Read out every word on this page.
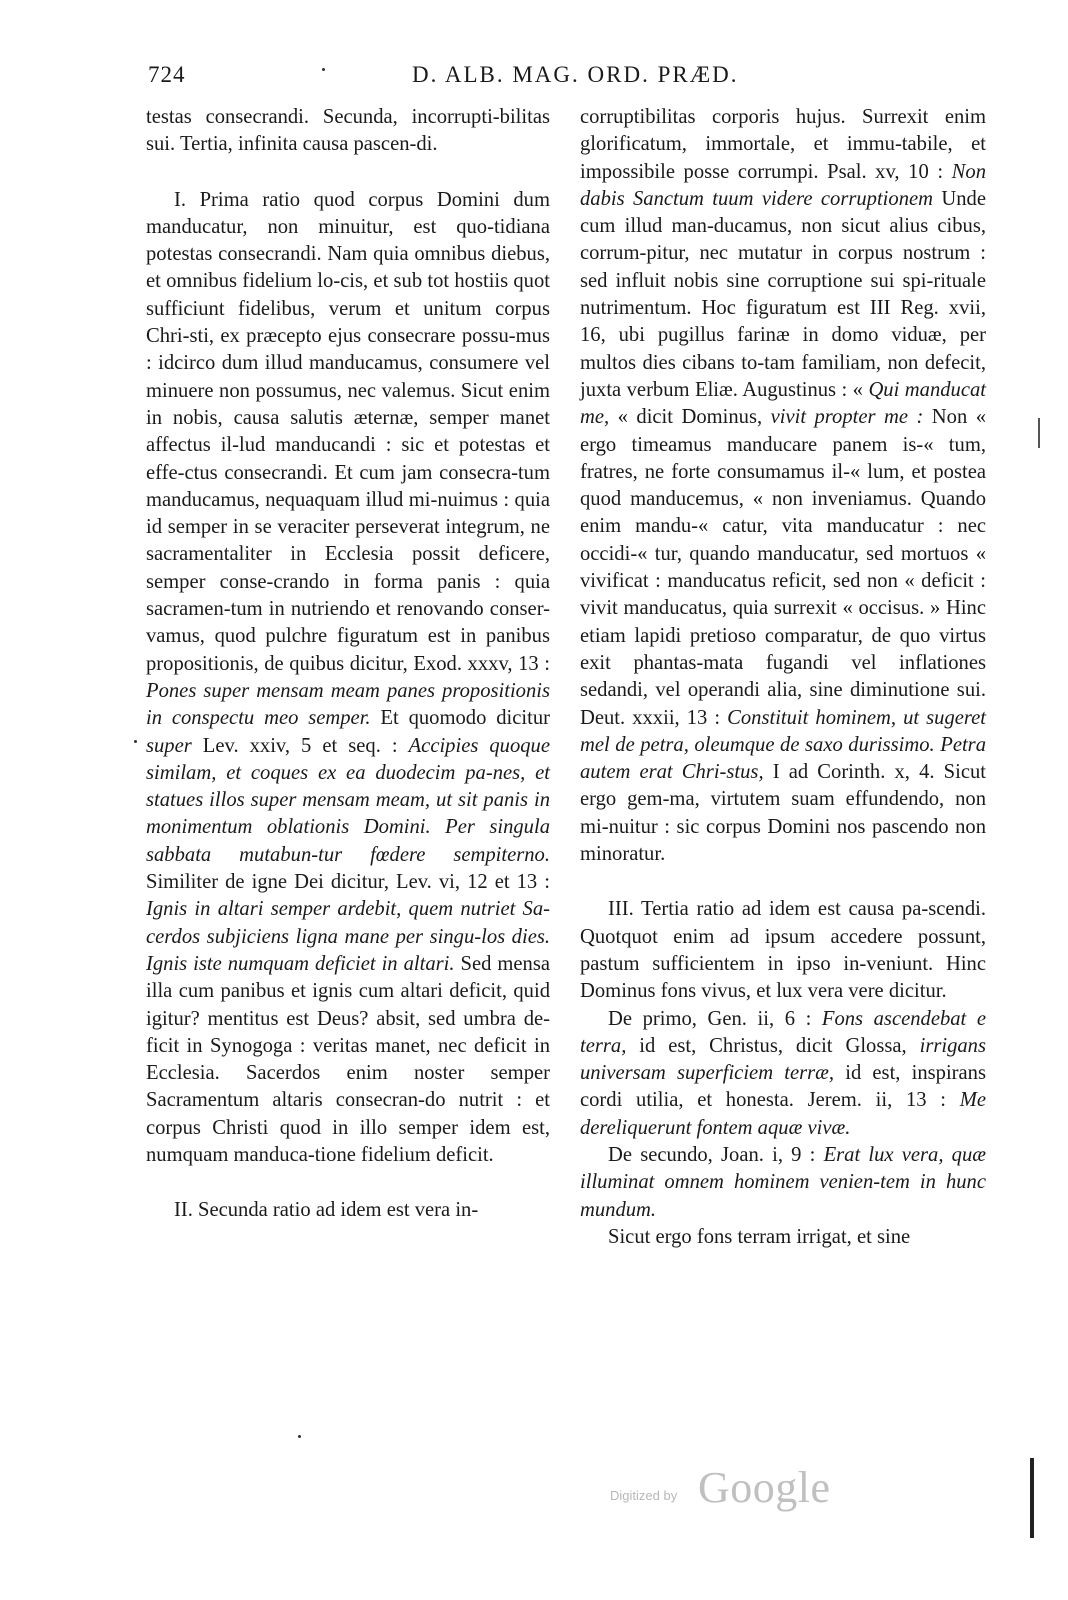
724	D. ALB. MAG. ORD. PRÆD.

testas consecrandi. Secunda, incorrupti-bilitas sui. Tertia, infinita causa pascen-di.

I. Prima ratio quod corpus Domini dum manducatur, non minuitur, est quo-tidiana potestas consecrandi. Nam quia omnibus diebus, et omnibus fidelium lo-cis, et sub tot hostiis quot sufficiunt fidelibus, verum et unitum corpus Chri-sti, ex præcepto ejus consecrare possu-mus : idcirco dum illud manducamus, consumere vel minuere non possumus, nec valemus. Sicut enim in nobis, causa salutis æternæ, semper manet affectus il-lud manducandi : sic et potestas et effe-ctus consecrandi. Et cum jam consecra-tum manducamus, nequaquam illud mi-nuimus : quia id semper in se veraciter perseverat integrum, ne sacramentaliter in Ecclesia possit deficere, semper conse-crando in forma panis : quia sacramen-tum in nutriendo et renovando conser-vamus, quod pulchre figuratum est in panibus propositionis, de quibus dicitur, Exod. xxxv, 13 : Pones super mensam meam panes propositionis in conspectu meo semper. Et quomodo dicitur super Lev. xxiv, 5 et seq. : Accipies quoque similam, et coques ex ea duodecim pa-nes, et statues illos super mensam meam, ut sit panis in monimentum oblationis Domini. Per singula sabbata mutabun-tur fœdere sempiterno. Similiter de igne Dei dicitur, Lev. vi, 12 et 13 : Ignis in altari semper ardebit, quem nutriet Sa-cerdos subjiciens ligna mane per singu-los dies. Ignis iste numquam deficiet in altari. Sed mensa illa cum panibus et ignis cum altari deficit, quid igitur? mentitus est Deus? absit, sed umbra de-ficit in Synogoga : veritas manet, nec deficit in Ecclesia. Sacerdos enim noster semper Sacramentum altaris consecran-do nutrit : et corpus Christi quod in illo semper idem est, numquam manduca-tione fidelium deficit.

II. Secunda ratio ad idem est vera in-

corruptibilitas corporis hujus. Surrexit enim glorificatum, immortale, et immu-tabile, et impossibile posse corrumpi. Psal. xv, 10 : Non dabis Sanctum tuum videre corruptionem Unde cum illud man-ducamus, non sicut alius cibus, corrum-pitur, nec mutatur in corpus nostrum : sed influit nobis sine corruptione sui spi-rituale nutrimentum. Hoc figuratum est III Reg. xvii, 16, ubi pugillus farinæ in domo viduæ, per multos dies cibans to-tam familiam, non defecit, juxta verbum Eliæ. Augustinus : « Qui manducat me, « dicit Dominus, vivit propter me : Non « ergo timeamus manducare panem is-« tum, fratres, ne forte consumamus il-« lum, et postea quod manducemus, « non inveniamus. Quando enim mandu-« catur, vita manducatur : nec occidi-« tur, quando manducatur, sed mortuos « vivificat : manducatus reficit, sed non « deficit : vivit manducatus, quia surrexit « occisus. » Hinc etiam lapidi pretioso comparatur, de quo virtus exit phantas-mata fugandi vel inflationes sedandi, vel operandi alia, sine diminutione sui. Deut. xxxii, 13 : Constituit hominem, ut sugeret mel de petra, oleumque de saxo durissimo. Petra autem erat Chri-stus, I ad Corinth. x, 4. Sicut ergo gem-ma, virtutem suam effundendo, non mi-nuitur : sic corpus Domini nos pascendo non minoratur.

III. Tertia ratio ad idem est causa pa-scendi. Quotquot enim ad ipsum accedere possunt, pastum sufficientem in ipso in-veniunt. Hinc Dominus fons vivus, et lux vera vere dicitur.

De primo, Gen. ii, 6 : Fons ascendebat e terra, id est, Christus, dicit Glossa, irrigans universam superficiem terræ, id est, inspirans cordi utilia, et honesta. Jerem. ii, 13 : Me dereliquerunt fontem aquæ vivæ.

De secundo, Joan. i, 9 : Erat lux vera, quæ illuminat omnem hominem venien-tem in hunc mundum.

Sicut ergo fons terram irrigat, et sine

Digitized by Google
